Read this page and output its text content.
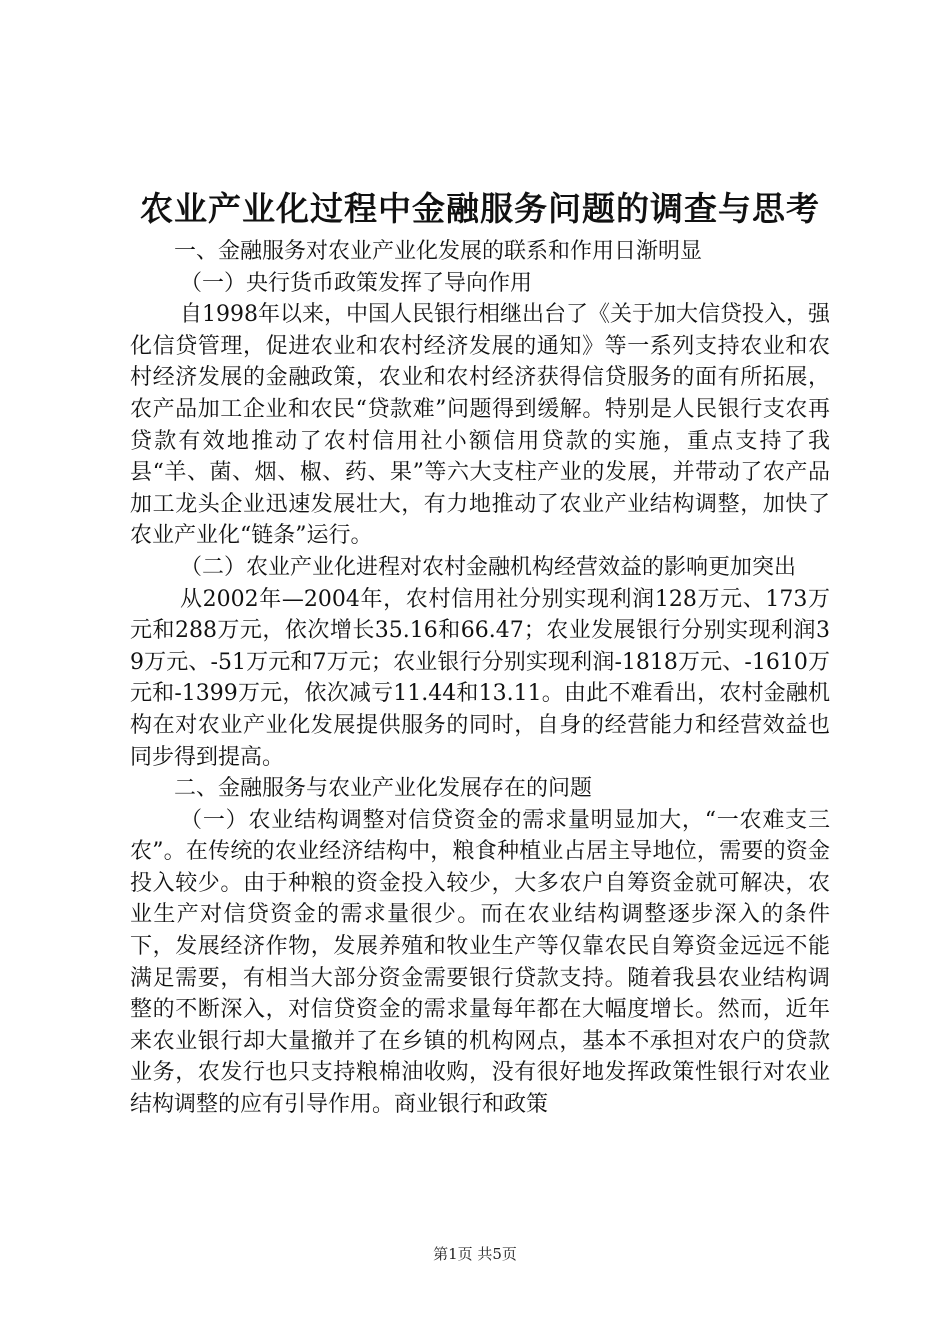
农业产业化过程中金融服务问题的调查与思考

一、金融服务对农业产业化发展的联系和作用日渐明显

（一）央行货币政策发挥了导向作用

自1998年以来，中国人民银行相继出台了《关于加大信贷投入，强化信贷管理，促进农业和农村经济发展的通知》等一系列支持农业和农村经济发展的金融政策，农业和农村经济获得信贷服务的面有所拓展，农产品加工企业和农民“贷款难”问题得到缓解。特别是人民银行支农再贷款有效地推动了农村信用社小额信用贷款的实施，重点支持了我县“羊、菌、烟、椒、药、果”等六大支柱产业的发展，并带动了农产品加工龙头企业迅速发展壮大，有力地推动了农业产业结构调整，加快了农业产业化“链条”运行。

（二）农业产业化进程对农村金融机构经营效益的影响更加突出

从2002年—2004年，农村信用社分别实现利润128万元、173万元和288万元，依次增长35.16和66.47；农业发展银行分别实现利润39万元、-51万元和7万元；农业银行分别实现利润-1818万元、-1610万元和-1399万元，依次减亏11.44和13.11。由此不难看出，农村金融机构在对农业产业化发展提供服务的同时，自身的经营能力和经营效益也同步得到提高。

二、金融服务与农业产业化发展存在的问题

（一）农业结构调整对信贷资金的需求量明显加大，“一农难支三农”。在传统的农业经济结构中，粮食种植业占居主导地位，需要的资金投入较少。由于种粮的资金投入较少，大多农户自筹资金就可解决，农业生产对信贷资金的需求量很少。而在农业结构调整逐步深入的条件下，发展经济作物，发展养殖和牧业生产等仅靠农民自筹资金远远不能满足需要，有相当大部分资金需要银行贷款支持。随着我县农业结构调整的不断深入，对信贷资金的需求量每年都在大幅度增长。然而，近年来农业银行却大量撤并了在乡镇的机构网点，基本不承担对农户的贷款业务，农发行也只支持粮棉油收购，没有很好地发挥政策性银行对农业结构调整的应有引导作用。商业银行和政策

第1页 共5页
